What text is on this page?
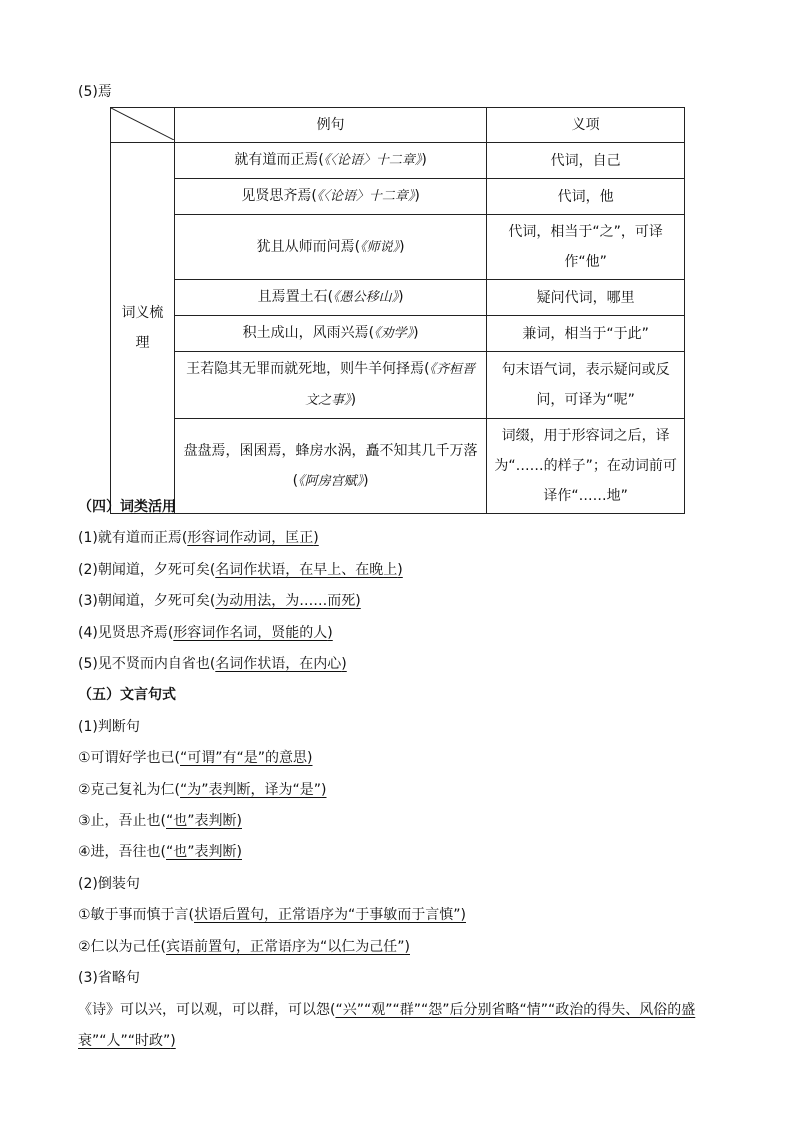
(5)焉
	例句	义项

词义梳
理	就有道而正焉(《〈论语〉十二章》)	代词，自己
	见贤思齐焉(《〈论语〉十二章》)	代词，他
	犹且从师而问焉(《师说》)	代词，相当于“之”，可译作“他”
	且焉置土石(《愚公移山》)	疑问代词，哪里
	积土成山，风雨兴焉(《劝学》)	兼词，相当于“于此”
	王若隐其无罪而就死地，则牛羊何择焉(《齐桓晋文之事》)	句末语气词，表示疑问或反问，可译为“呢”
	盘盘焉，囷囷焉，蜂房水涡，矗不知其几千万落(《阿房宫赋》)	词缀，用于形容词之后，译为“……的样子”；在动词前可译作“……地”
（四）词类活用
(1)就有道而正焉(形容词作动词，匡正)
(2)朝闻道，夕死可矣(名词作状语，在早上、在晚上)
(3)朝闻道，夕死可矣(为动用法，为……而死)
(4)见贤思齐焉(形容词作名词，贤能的人)
(5)见不贤而内自省也(名词作状语，在内心)
（五）文言句式
(1)判断句
①可谓好学也已(“可谓”有“是”的意思)
②克己复礼为仁(“为”表判断，译为“是”)
③止，吾止也(“也”表判断)
④进，吾往也(“也”表判断)
(2)倒装句
①敏于事而慎于言(状语后置句，正常语序为“于事敏而于言慎”)
②仁以为己任(宾语前置句，正常语序为“以仁为己任”)
(3)省略句
《诗》可以兴，可以观，可以群，可以怨(“兴”“观”“群”“怨”后分别省略“情”“政治的得失、风俗的盛衰”“人”“时政”)
